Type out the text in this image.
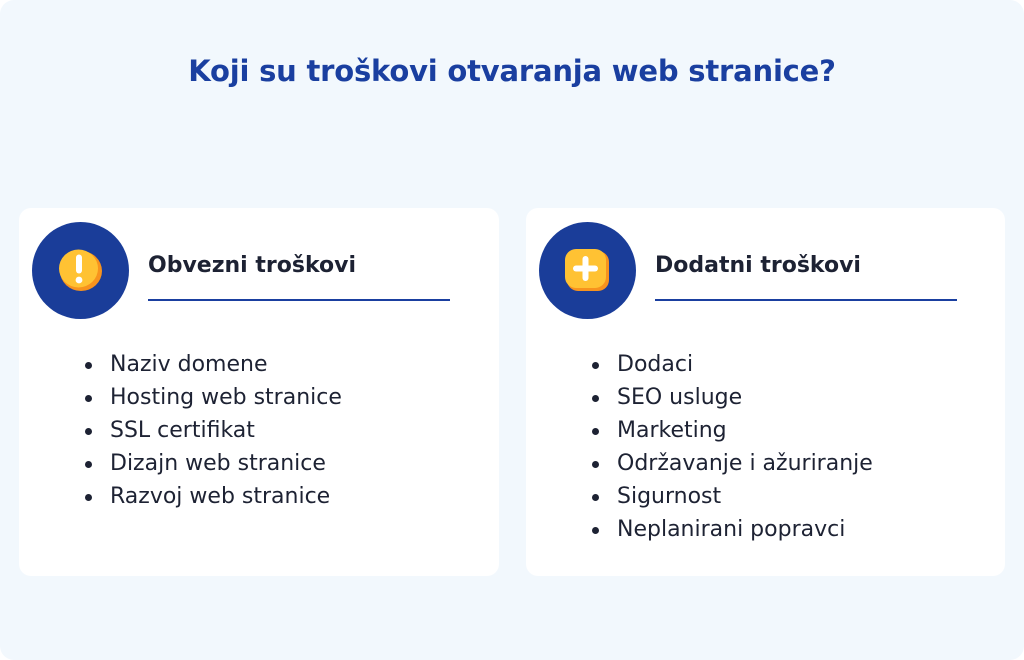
Koji su troškovi otvaranja web stranice?
Obvezni troškovi
Naziv domene
Hosting web stranice
SSL certifikat
Dizajn web stranice
Razvoj web stranice
Dodatni troškovi
Dodaci
SEO usluge
Marketing
Održavanje i ažuriranje
Sigurnost
Neplanirani popravci
